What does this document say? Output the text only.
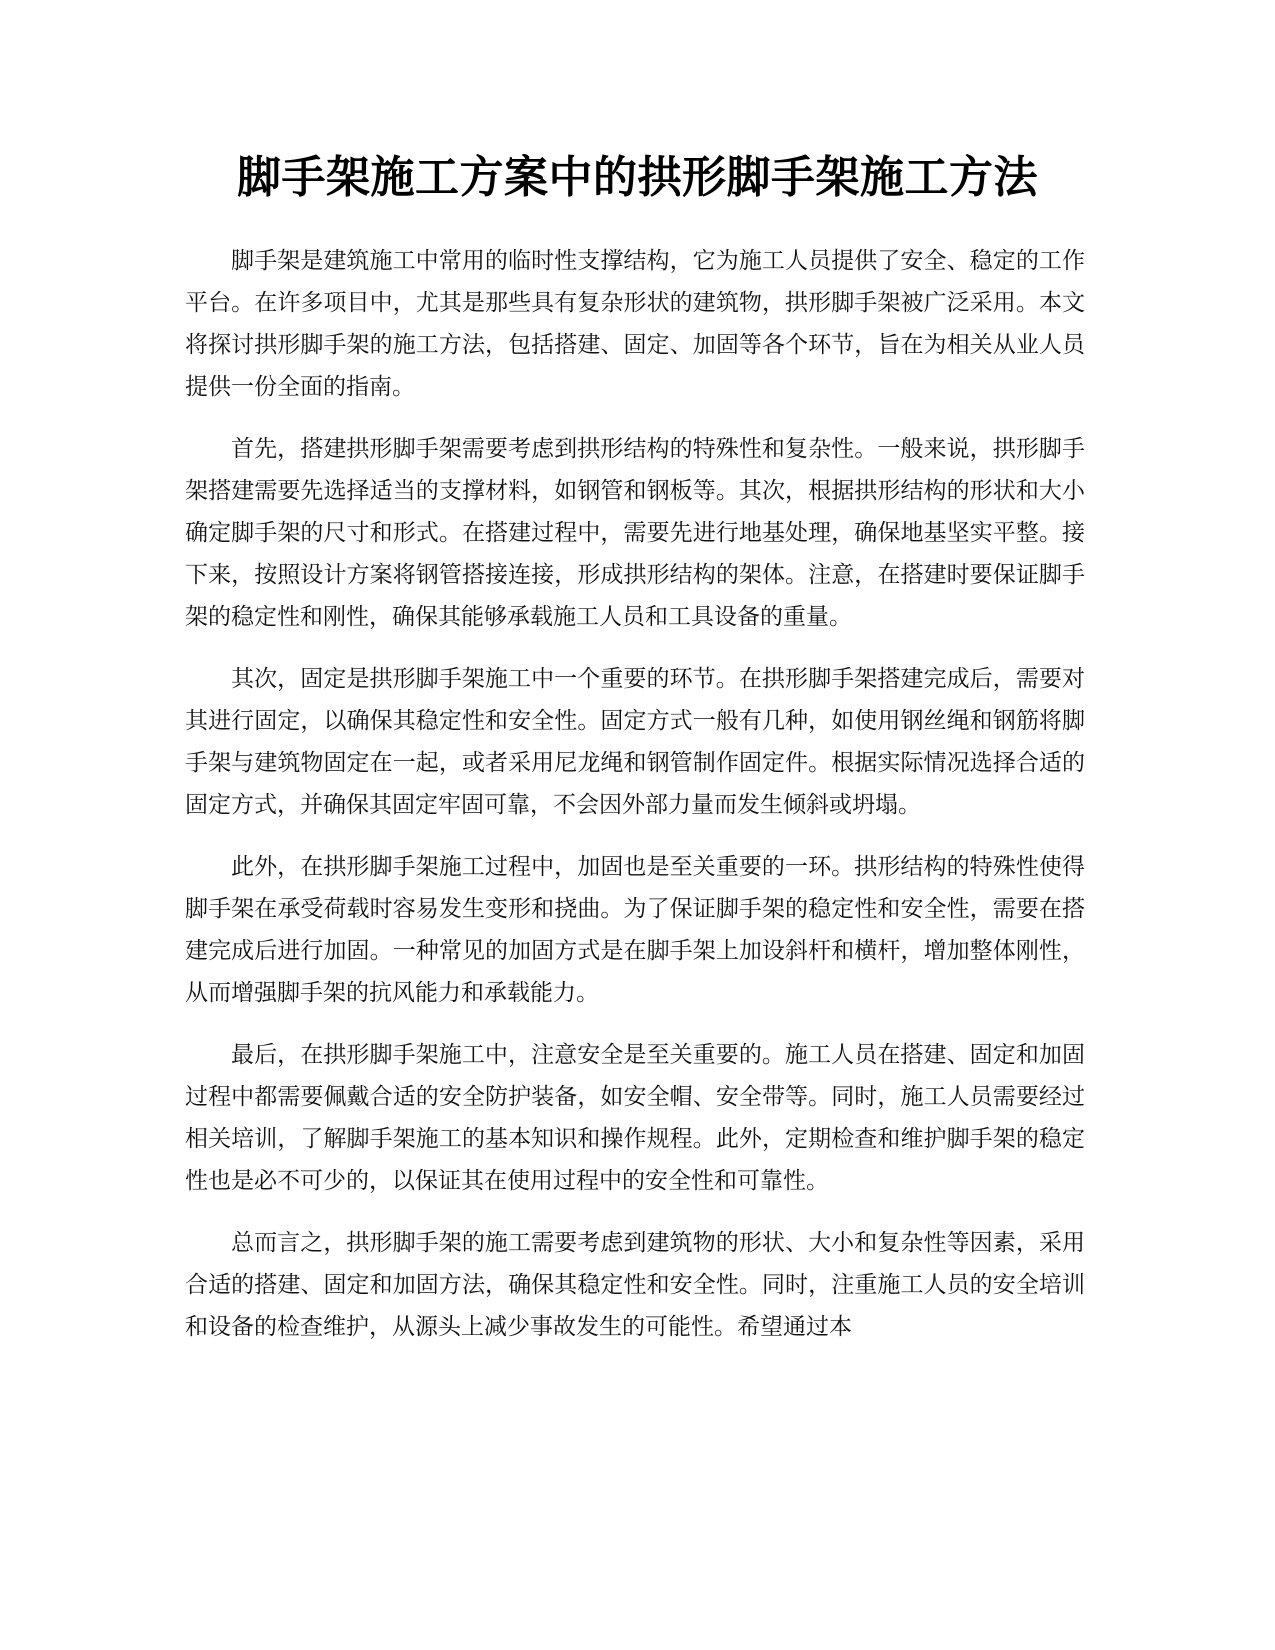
脚手架施工方案中的拱形脚手架施工方法

脚手架是建筑施工中常用的临时性支撑结构，它为施工人员提供了安全、稳定的工作平台。在许多项目中，尤其是那些具有复杂形状的建筑物，拱形脚手架被广泛采用。本文将探讨拱形脚手架的施工方法，包括搭建、固定、加固等各个环节，旨在为相关从业人员提供一份全面的指南。

首先，搭建拱形脚手架需要考虑到拱形结构的特殊性和复杂性。一般来说，拱形脚手架搭建需要先选择适当的支撑材料，如钢管和钢板等。其次，根据拱形结构的形状和大小确定脚手架的尺寸和形式。在搭建过程中，需要先进行地基处理，确保地基坚实平整。接下来，按照设计方案将钢管搭接连接，形成拱形结构的架体。注意，在搭建时要保证脚手架的稳定性和刚性，确保其能够承载施工人员和工具设备的重量。

其次，固定是拱形脚手架施工中一个重要的环节。在拱形脚手架搭建完成后，需要对其进行固定，以确保其稳定性和安全性。固定方式一般有几种，如使用钢丝绳和钢筋将脚手架与建筑物固定在一起，或者采用尼龙绳和钢管制作固定件。根据实际情况选择合适的固定方式，并确保其固定牢固可靠，不会因外部力量而发生倾斜或坍塌。

此外，在拱形脚手架施工过程中，加固也是至关重要的一环。拱形结构的特殊性使得脚手架在承受荷载时容易发生变形和挠曲。为了保证脚手架的稳定性和安全性，需要在搭建完成后进行加固。一种常见的加固方式是在脚手架上加设斜杆和横杆，增加整体刚性，从而增强脚手架的抗风能力和承载能力。

最后，在拱形脚手架施工中，注意安全是至关重要的。施工人员在搭建、固定和加固过程中都需要佩戴合适的安全防护装备，如安全帽、安全带等。同时，施工人员需要经过相关培训，了解脚手架施工的基本知识和操作规程。此外，定期检查和维护脚手架的稳定性也是必不可少的，以保证其在使用过程中的安全性和可靠性。

总而言之，拱形脚手架的施工需要考虑到建筑物的形状、大小和复杂性等因素，采用合适的搭建、固定和加固方法，确保其稳定性和安全性。同时，注重施工人员的安全培训和设备的检查维护，从源头上减少事故发生的可能性。希望通过本
